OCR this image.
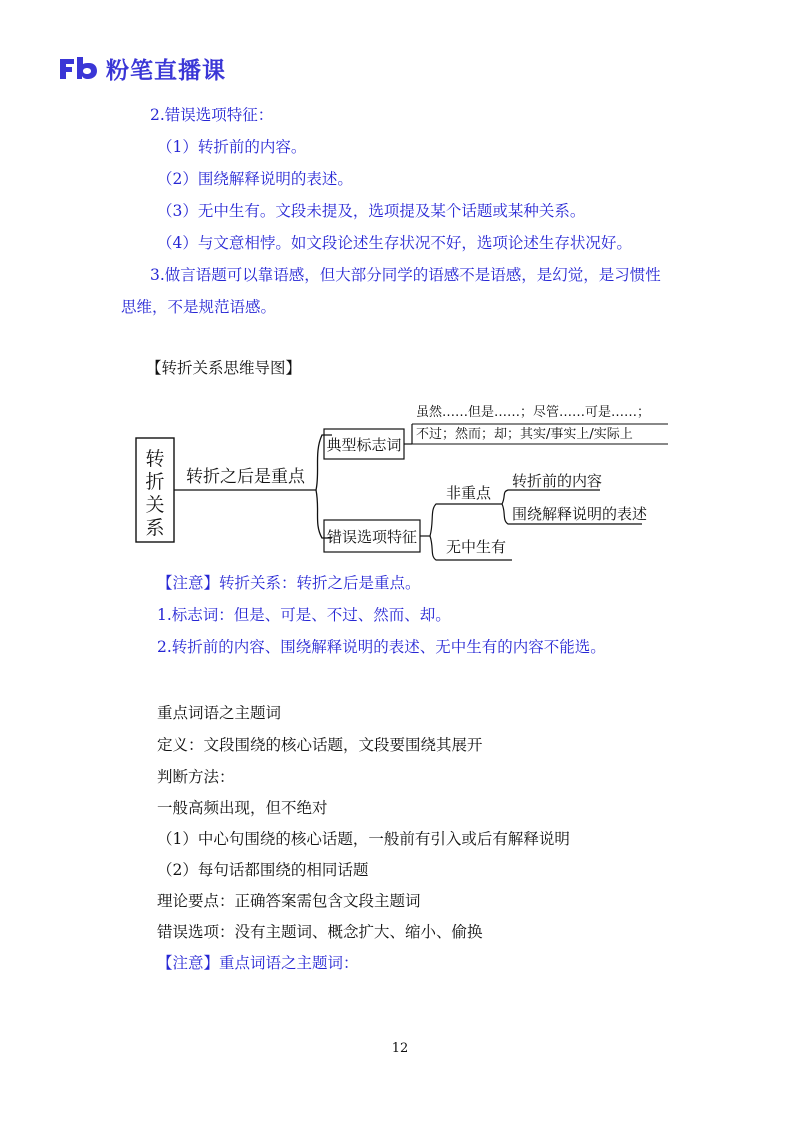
粉笔直播课
2.错误选项特征：
（1）转折前的内容。
（2）围绕解释说明的表述。
（3）无中生有。文段未提及，选项提及某个话题或某种关系。
（4）与文意相悖。如文段论述生存状况不好，选项论述生存状况好。
3.做言语题可以靠语感，但大部分同学的语感不是语感，是幻觉，是习惯性
思维，不是规范语感。
【转折关系思维导图】
转
折
关
系
转折之后是重点
典型标志词
虽然……但是……；尽管……可是……；
不过；然而；却；其实/事实上/实际上
错误选项特征
非重点
无中生有
转折前的内容
围绕解释说明的表述
【注意】转折关系：转折之后是重点。
1.标志词：但是、可是、不过、然而、却。
2.转折前的内容、围绕解释说明的表述、无中生有的内容不能选。
重点词语之主题词
定义：文段围绕的核心话题，文段要围绕其展开
判断方法：
一般高频出现，但不绝对
（1）中心句围绕的核心话题，一般前有引入或后有解释说明
（2）每句话都围绕的相同话题
理论要点：正确答案需包含文段主题词
错误选项：没有主题词、概念扩大、缩小、偷换
【注意】重点词语之主题词：
12
